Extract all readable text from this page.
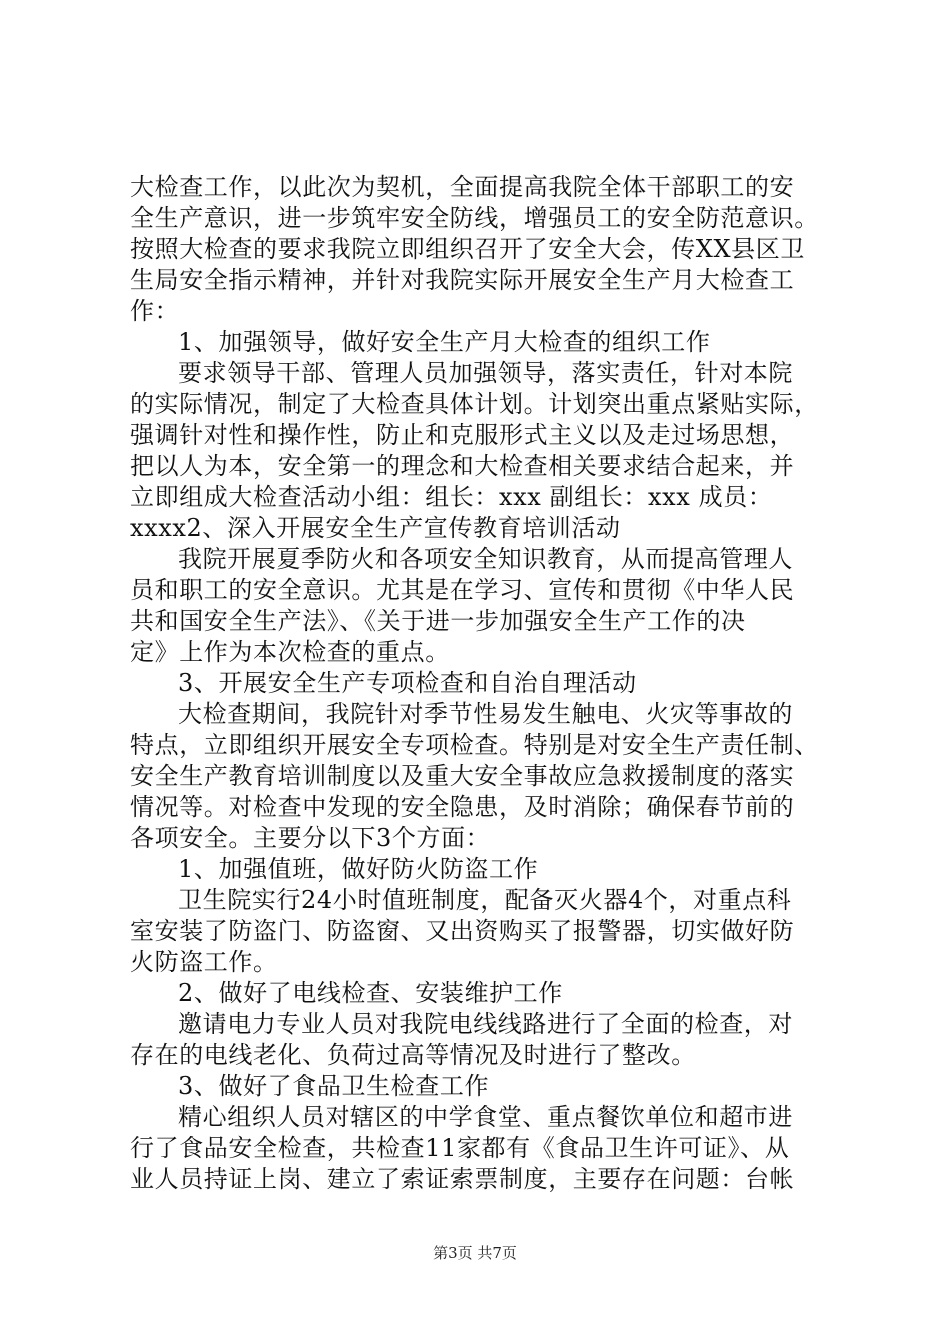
大检查工作，以此次为契机，全面提高我院全体干部职工的安
全生产意识，进一步筑牢安全防线，增强员工的安全防范意识。
按照大检查的要求我院立即组织召开了安全大会，传XX县区卫
生局安全指示精神，并针对我院实际开展安全生产月大检查工
作：
1、加强领导，做好安全生产月大检查的组织工作
要求领导干部、管理人员加强领导，落实责任，针对本院
的实际情况，制定了大检查具体计划。计划突出重点紧贴实际，
强调针对性和操作性，防止和克服形式主义以及走过场思想，
把以人为本，安全第一的理念和大检查相关要求结合起来，并
立即组成大检查活动小组：组长：xxx 副组长：xxx 成员：
xxxx2、深入开展安全生产宣传教育培训活动
我院开展夏季防火和各项安全知识教育，从而提高管理人
员和职工的安全意识。尤其是在学习、宣传和贯彻《中华人民
共和国安全生产法》、《关于进一步加强安全生产工作的决
定》上作为本次检查的重点。
3、开展安全生产专项检查和自治自理活动
大检查期间，我院针对季节性易发生触电、火灾等事故的
特点，立即组织开展安全专项检查。特别是对安全生产责任制、
安全生产教育培训制度以及重大安全事故应急救援制度的落实
情况等。对检查中发现的安全隐患，及时消除；确保春节前的
各项安全。主要分以下3个方面：
1、加强值班，做好防火防盗工作
卫生院实行24小时值班制度，配备灭火器4个，对重点科
室安装了防盗门、防盗窗、又出资购买了报警器，切实做好防
火防盗工作。
2、做好了电线检查、安装维护工作
邀请电力专业人员对我院电线线路进行了全面的检查，对
存在的电线老化、负荷过高等情况及时进行了整改。
3、做好了食品卫生检查工作
精心组织人员对辖区的中学食堂、重点餐饮单位和超市进
行了食品安全检查，共检查11家都有《食品卫生许可证》、从
业人员持证上岗、建立了索证索票制度，主要存在问题：台帐
第3页 共7页
